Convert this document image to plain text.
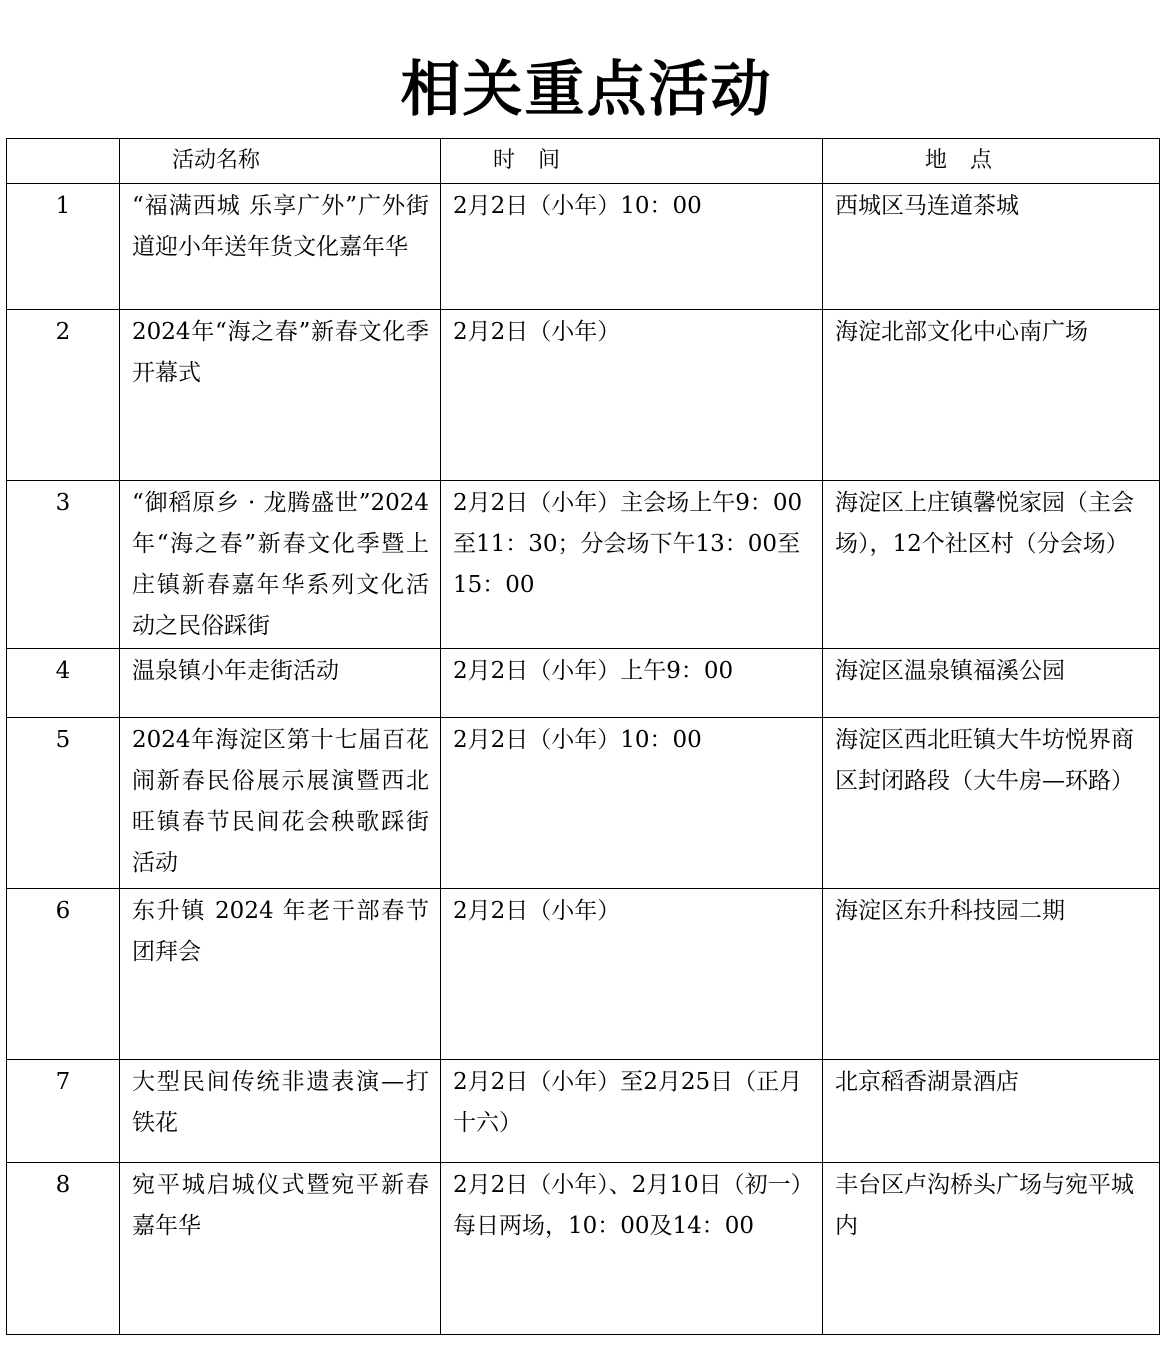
相关重点活动
	活动名称	时 间	地 点
1	“福满西城 乐享广外”广外街道迎小年送年货文化嘉年华	2月2日（小年）10：00	西城区马连道茶城
2	2024年“海之春”新春文化季开幕式	2月2日（小年）	海淀北部文化中心南广场
3	“御稻原乡 · 龙腾盛世”2024年“海之春”新春文化季暨上庄镇新春嘉年华系列文化活动之民俗踩街	2月2日（小年）主会场上午9：00至11：30；分会场下午13：00至15：00	海淀区上庄镇馨悦家园（主会场），12个社区村（分会场）
4	温泉镇小年走街活动	2月2日（小年）上午9：00	海淀区温泉镇福溪公园
5	2024年海淀区第十七届百花闹新春民俗展示展演暨西北旺镇春节民间花会秧歌踩街活动	2月2日（小年）10：00	海淀区西北旺镇大牛坊悦界商区封闭路段（大牛房—环路）
6	东升镇 2024 年老干部春节团拜会	2月2日（小年）	海淀区东升科技园二期
7	大型民间传统非遗表演—打铁花	2月2日（小年）至2月25日（正月十六）	北京稻香湖景酒店
8	宛平城启城仪式暨宛平新春嘉年华	2月2日（小年）、2月10日（初一）每日两场，10：00及14：00	丰台区卢沟桥头广场与宛平城内
